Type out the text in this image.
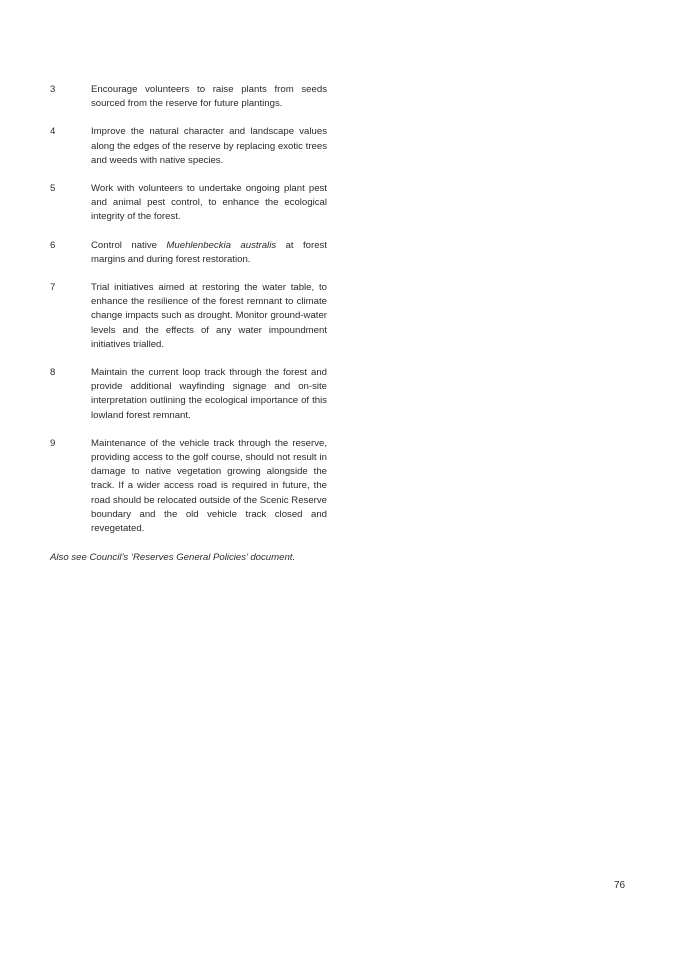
3	Encourage volunteers to raise plants from seeds sourced from the reserve for future plantings.
4	Improve the natural character and landscape values along the edges of the reserve by replacing exotic trees and weeds with native species.
5	Work with volunteers to undertake ongoing plant pest and animal pest control, to enhance the ecological integrity of the forest.
6	Control native Muehlenbeckia australis at forest margins and during forest restoration.
7	Trial initiatives aimed at restoring the water table, to enhance the resilience of the forest remnant to climate change impacts such as drought. Monitor ground-water levels and the effects of any water impoundment initiatives trialled.
8	Maintain the current loop track through the forest and provide additional wayfinding signage and on-site interpretation outlining the ecological importance of this lowland forest remnant.
9	Maintenance of the vehicle track through the reserve, providing access to the golf course, should not result in damage to native vegetation growing alongside the track. If a wider access road is required in future, the road should be relocated outside of the Scenic Reserve boundary and the old vehicle track closed and revegetated.
Also see Council’s ‘Reserves General Policies’ document.
76
